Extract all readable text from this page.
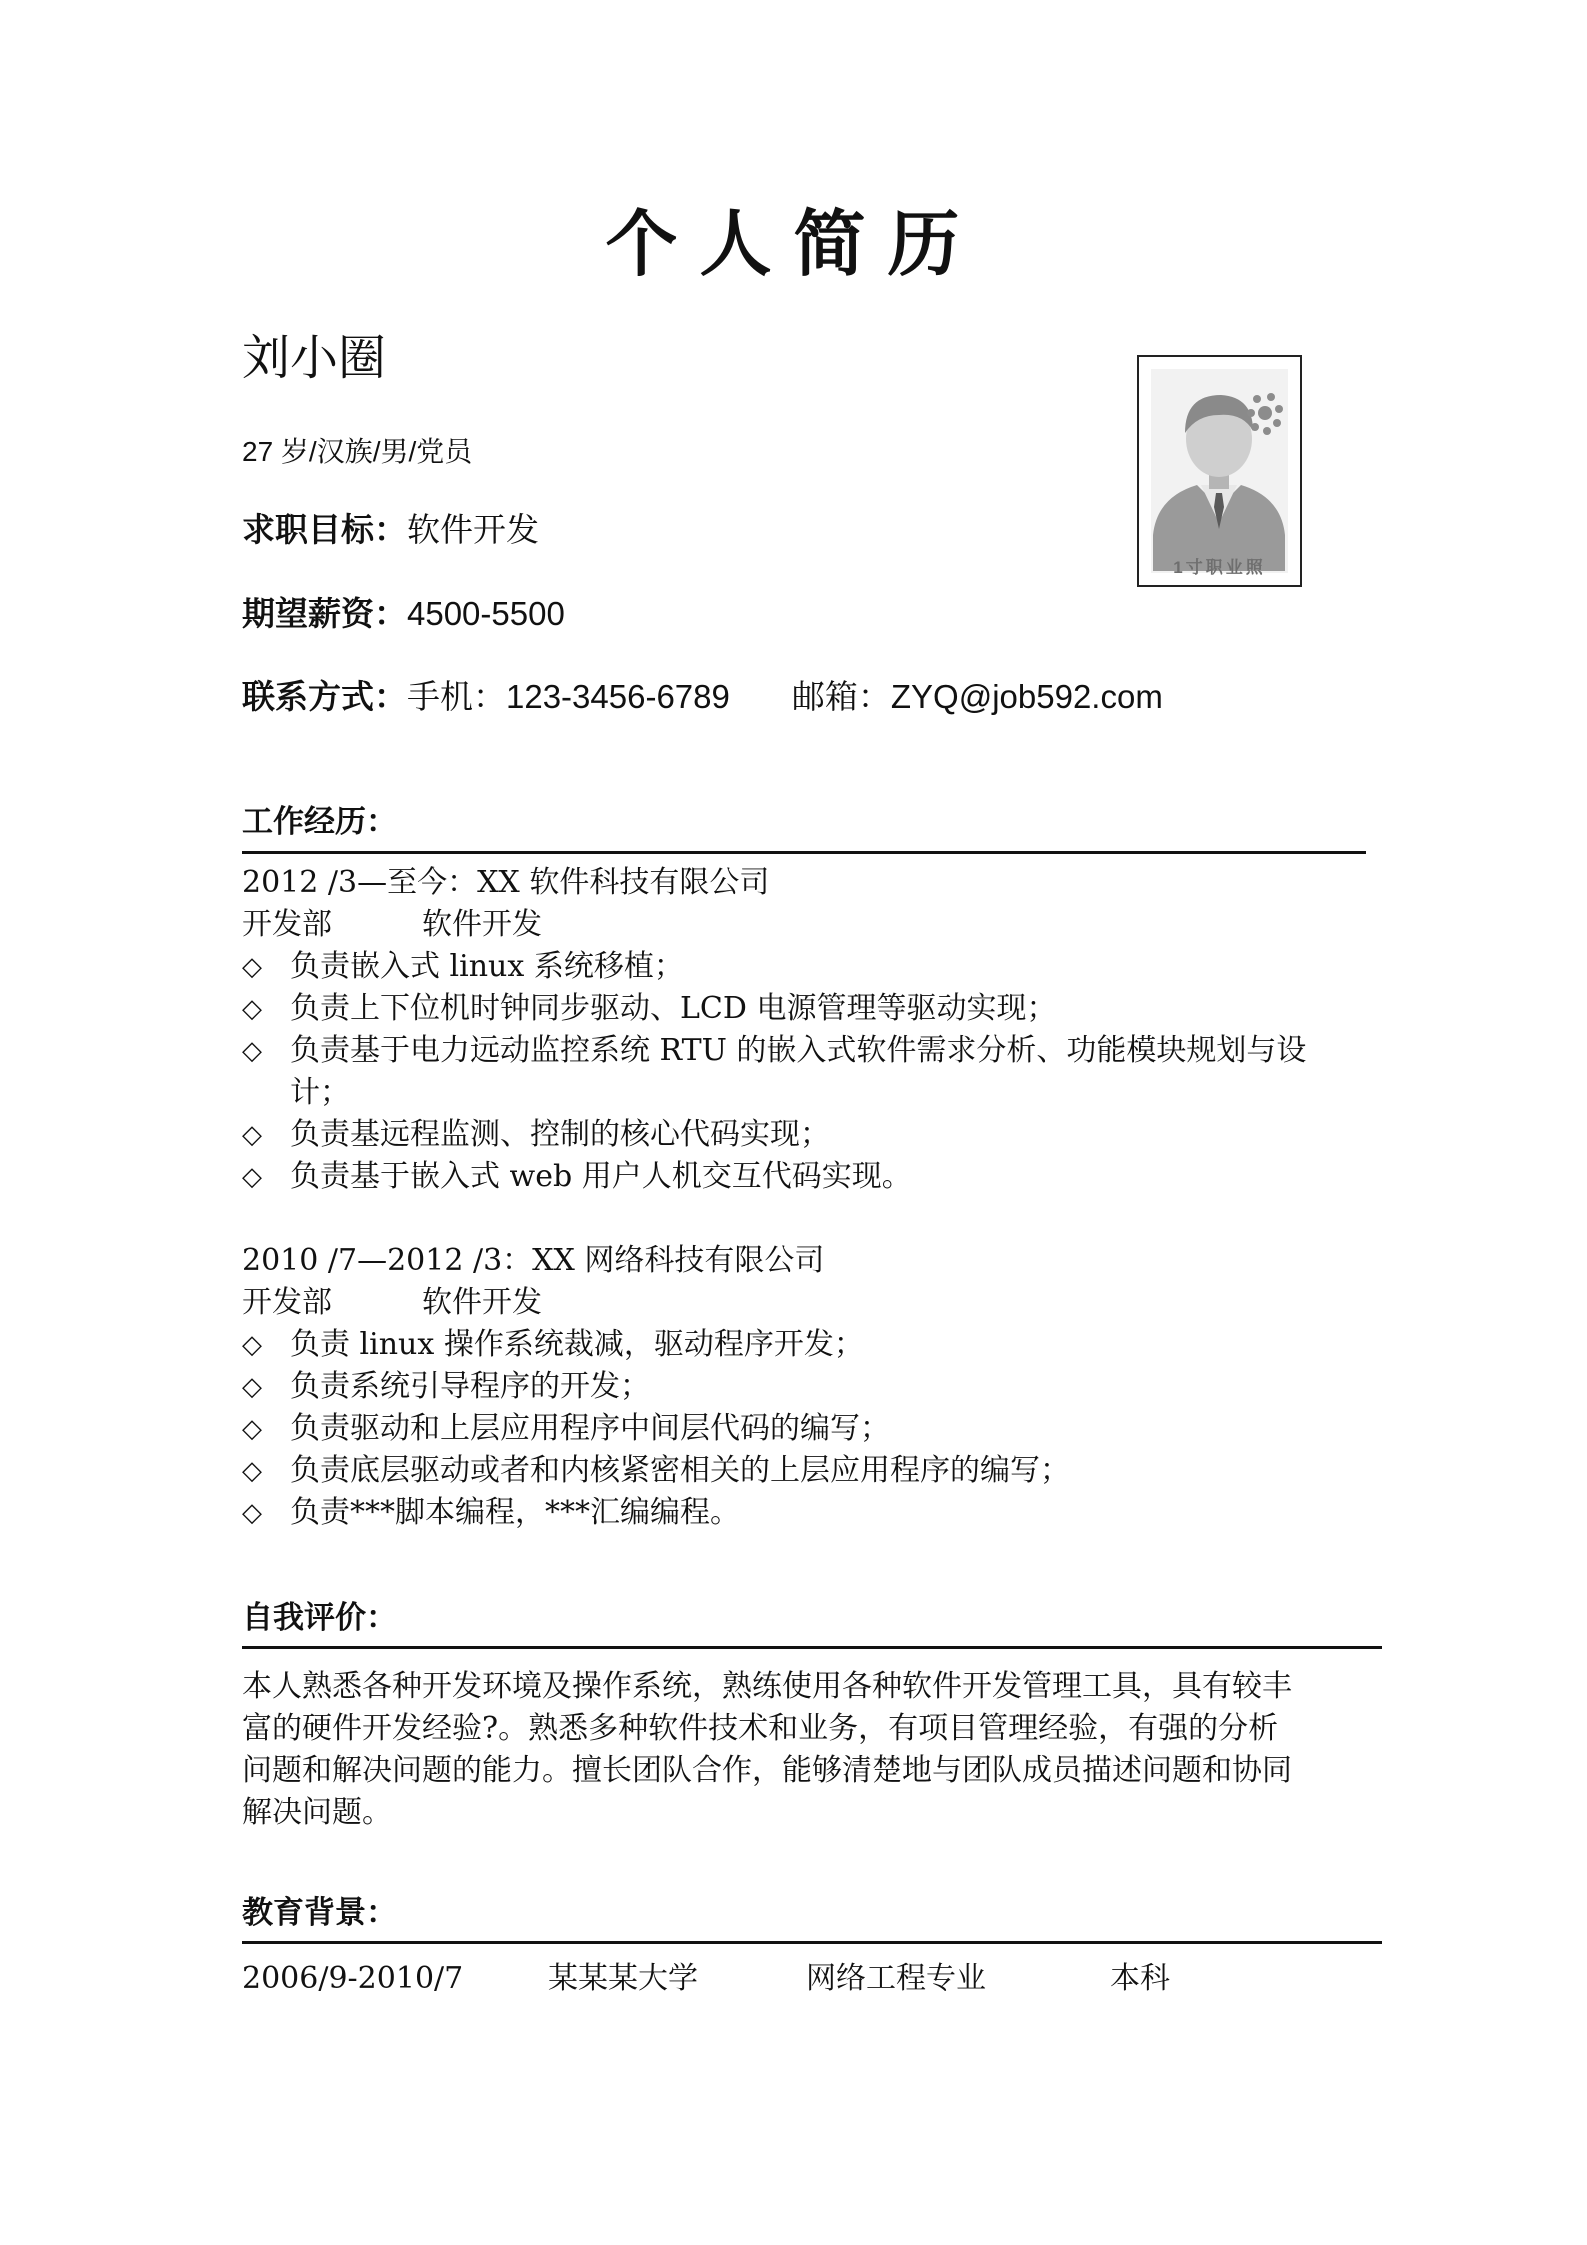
个人简历
刘小圈
27 岁/汉族/男/党员
求职目标：软件开发
期望薪资：4500-5500
联系方式：手机：123-3456-6789 邮箱：ZYQ@job592.com
1寸职业照
工作经历：
2012 /3—至今：XX 软件科技有限公司
开发部	软件开发
◇ 负责嵌入式 linux 系统移植；
◇ 负责上下位机时钟同步驱动、LCD 电源管理等驱动实现；
◇ 负责基于电力远动监控系统 RTU 的嵌入式软件需求分析、功能模块规划与设计；
◇ 负责基远程监测、控制的核心代码实现；
◇ 负责基于嵌入式 web 用户人机交互代码实现。
2010 /7—2012 /3：XX 网络科技有限公司
开发部	软件开发
◇ 负责 linux 操作系统裁减，驱动程序开发；
◇ 负责系统引导程序的开发；
◇ 负责驱动和上层应用程序中间层代码的编写；
◇ 负责底层驱动或者和内核紧密相关的上层应用程序的编写；
◇ 负责***脚本编程，***汇编编程。
自我评价：
本人熟悉各种开发环境及操作系统，熟练使用各种软件开发管理工具，具有较丰
富的硬件开发经验?。熟悉多种软件技术和业务，有项目管理经验，有强的分析
问题和解决问题的能力。擅长团队合作，能够清楚地与团队成员描述问题和协同
解决问题。
教育背景：
2006/9-2010/7	某某某大学	网络工程专业	本科
